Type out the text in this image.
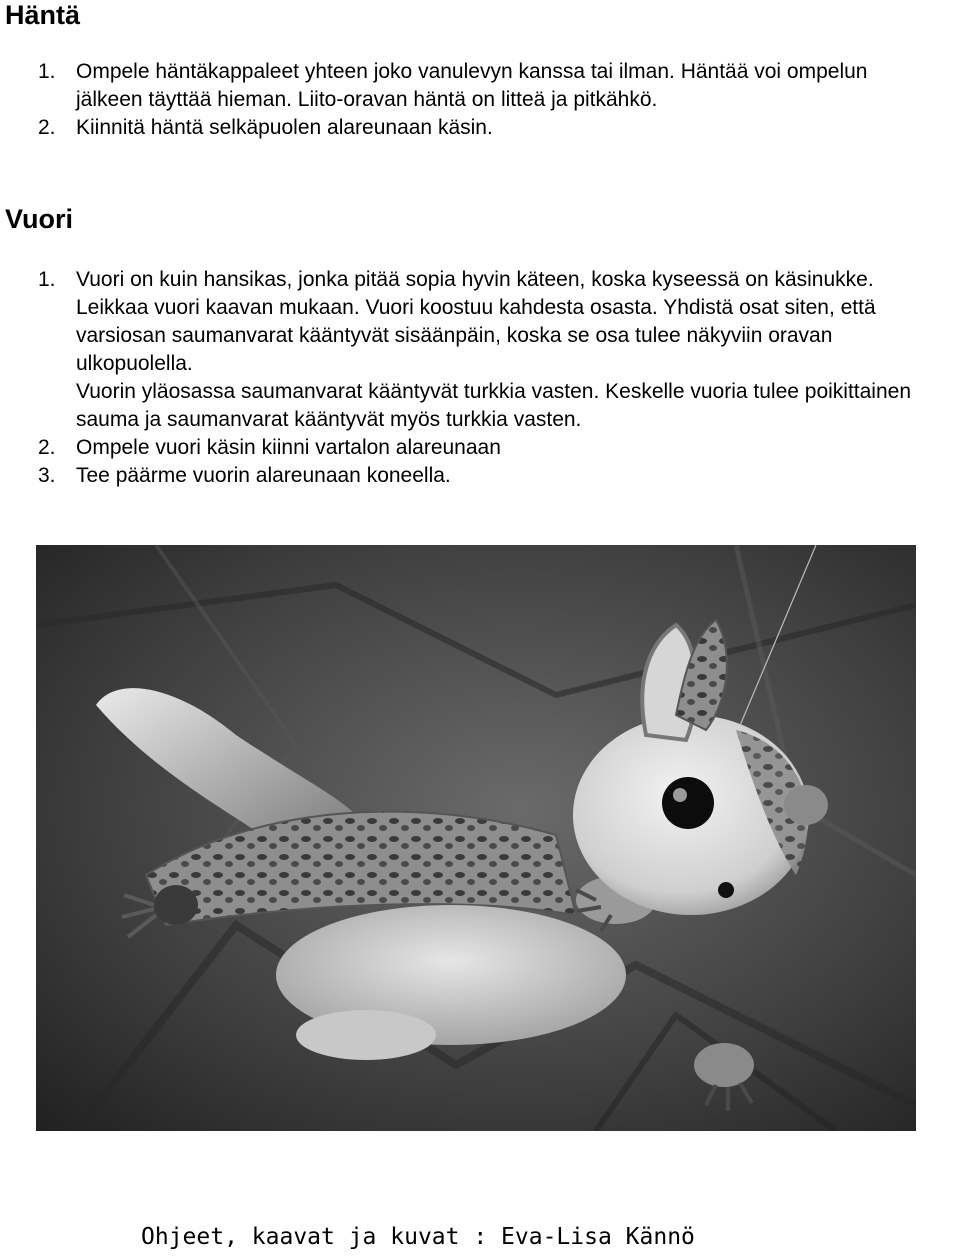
Häntä
1. Ompele häntäkappaleet yhteen joko vanulevyn kanssa tai ilman. Häntää voi ompelun jälkeen täyttää hieman. Liito-oravan häntä on litteä ja pitkähkö.
2. Kiinnitä häntä selkäpuolen alareunaan käsin.
Vuori
1. Vuori on kuin hansikas, jonka pitää sopia hyvin käteen, koska kyseessä on käsinukke. Leikkaa vuori kaavan mukaan. Vuori koostuu kahdesta osasta. Yhdistä osat siten, että varsiosan saumanvarat kääntyvät sisäänpäin, koska se osa tulee näkyviin oravan ulkopuolella.
Vuorin yläosassa saumanvarat kääntyvät turkkia vasten. Keskelle vuoria tulee poikittainen sauma ja saumanvarat kääntyvät myös turkkia vasten.
2. Ompele vuori käsin kiinni vartalon alareunaan
3. Tee päärme vuorin alareunaan koneella.
Ohjeet, kaavat ja kuvat : Eva-Lisa Kännö
